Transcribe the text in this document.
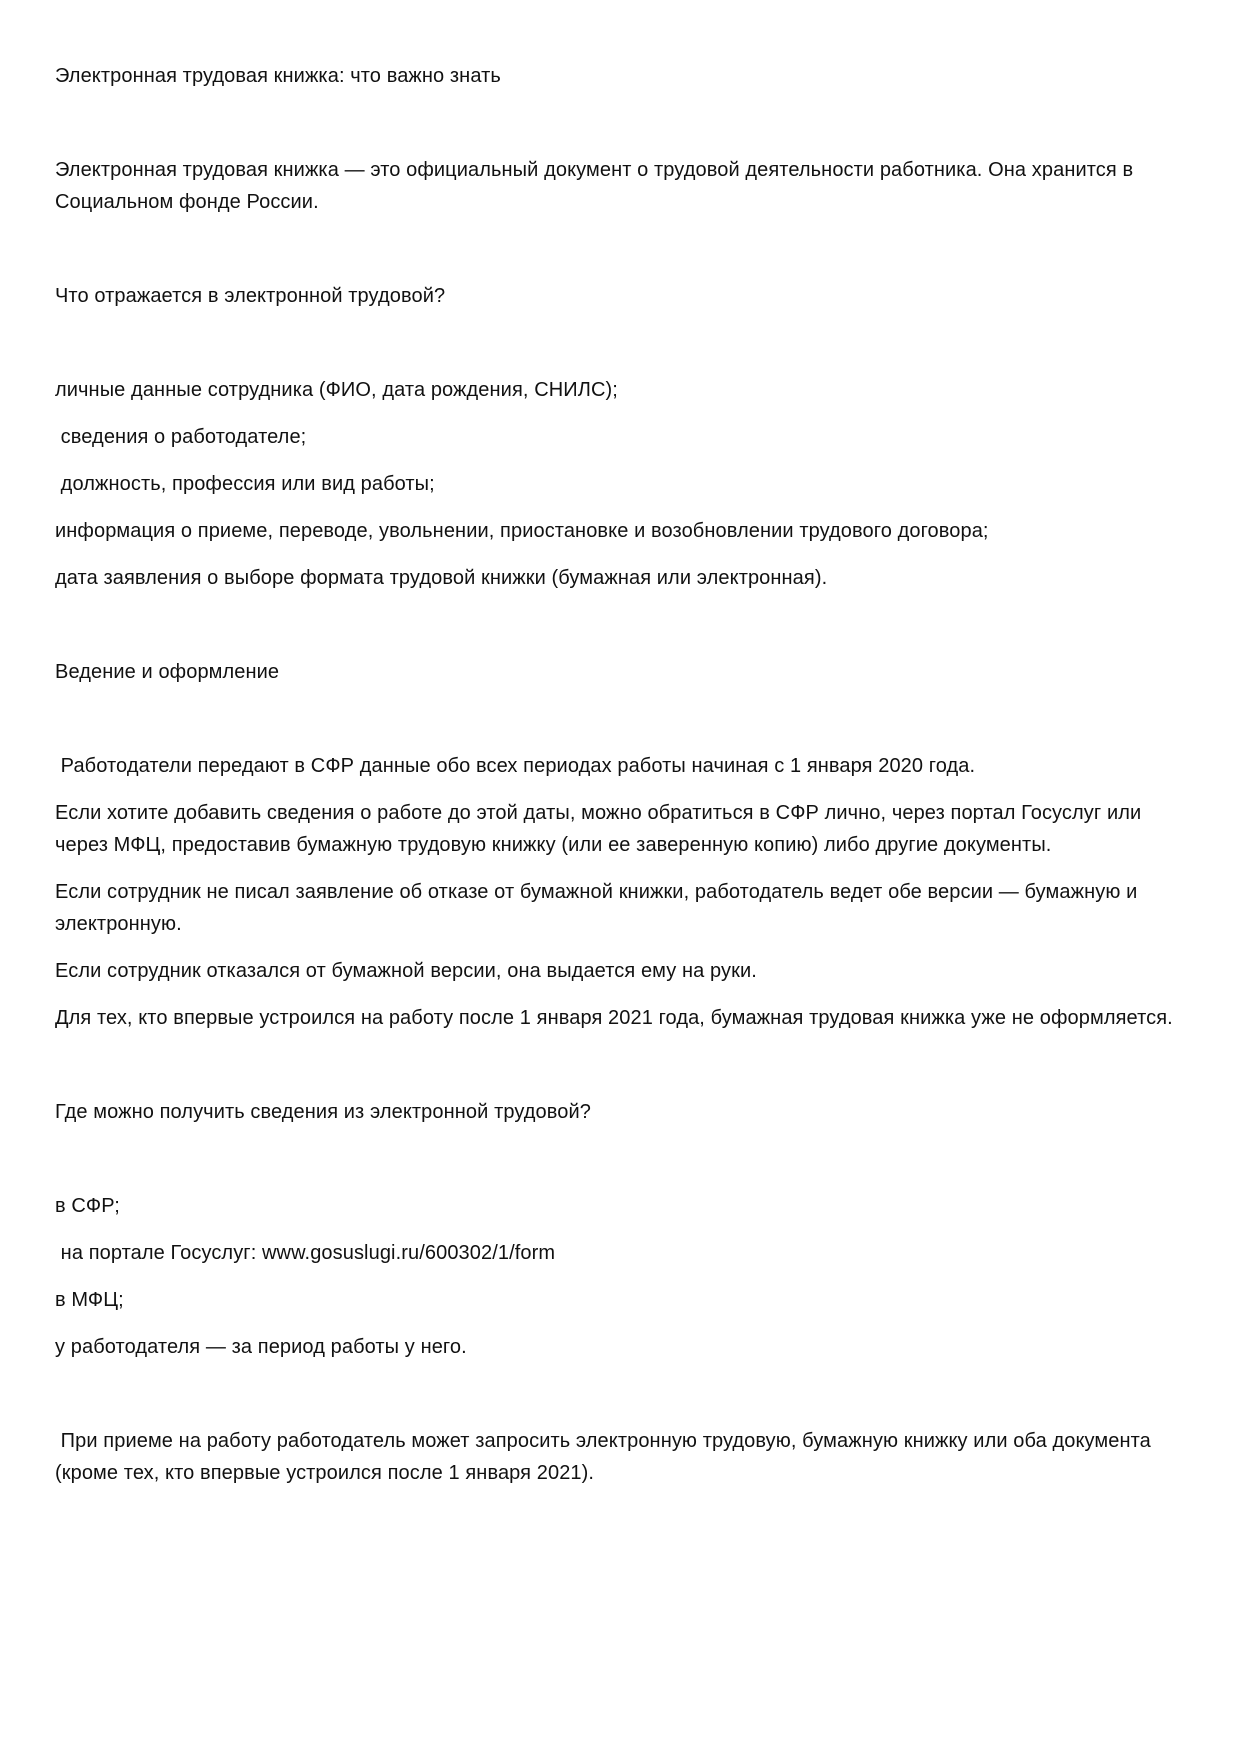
Электронная трудовая книжка: что важно знать

Электронная трудовая книжка — это официальный документ о трудовой деятельности работника. Она хранится в Социальном фонде России.

Что отражается в электронной трудовой?

личные данные сотрудника (ФИО, дата рождения, СНИЛС);

сведения о работодателе;

должность, профессия или вид работы;

информация о приеме, переводе, увольнении, приостановке и возобновлении трудового договора;

дата заявления о выборе формата трудовой книжки (бумажная или электронная).

Ведение и оформление

Работодатели передают в СФР данные обо всех периодах работы начиная с 1 января 2020 года.

Если хотите добавить сведения о работе до этой даты, можно обратиться в СФР лично, через портал Госуслуг или через МФЦ, предоставив бумажную трудовую книжку (или ее заверенную копию) либо другие документы.

Если сотрудник не писал заявление об отказе от бумажной книжки, работодатель ведет обе версии — бумажную и электронную.

Если сотрудник отказался от бумажной версии, она выдается ему на руки.

Для тех, кто впервые устроился на работу после 1 января 2021 года, бумажная трудовая книжка уже не оформляется.

Где можно получить сведения из электронной трудовой?

в СФР;

на портале Госуслуг: www.gosuslugi.ru/600302/1/form

в МФЦ;

у работодателя — за период работы у него.

При приеме на работу работодатель может запросить электронную трудовую, бумажную книжку или оба документа (кроме тех, кто впервые устроился после 1 января 2021).
